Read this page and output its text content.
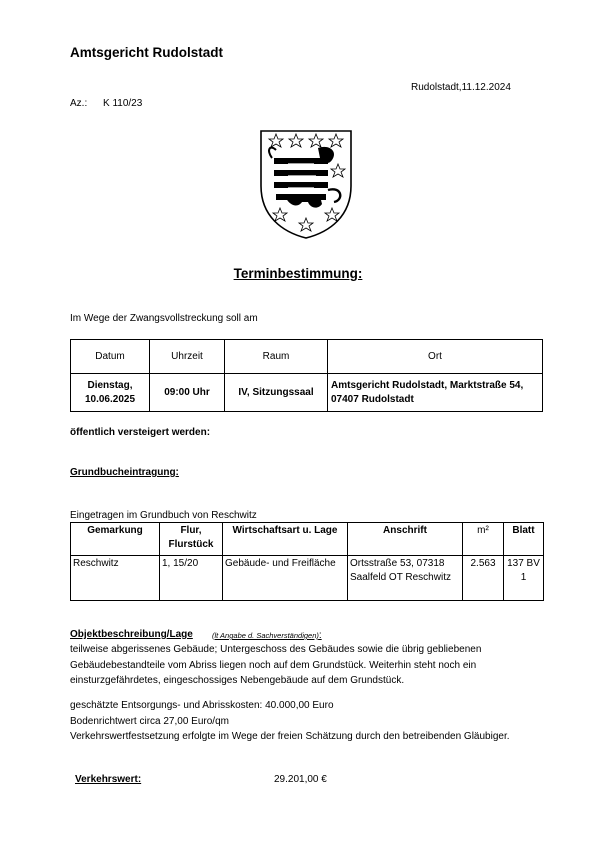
Amtsgericht Rudolstadt
Rudolstadt,11.12.2024
Az.: K 110/23
Terminbestimmung:
Im Wege der Zwangsvollstreckung soll am
Datum	Uhrzeit	Raum	Ort

Dienstag,
10.06.2025	09:00 Uhr	IV, Sitzungssaal	Amtsgericht Rudolstadt, Marktstraße 54, 07407 Rudolstadt
öffentlich versteigert werden:
Grundbucheintragung:
Eingetragen im Grundbuch von Reschwitz
Gemarkung	Flur, Flurstück	Wirtschaftsart u. Lage	Anschrift	m²	Blatt
Reschwitz	1, 15/20	Gebäude- und Freifläche	Ortsstraße 53, 07318 Saalfeld OT Reschwitz	2.563	137 BV 1
Objektbeschreibung/Lage	(lt Angabe d. Sachverständigen):
teilweise abgerissenes Gebäude; Untergeschoss des Gebäudes sowie die übrig gebliebenen Gebäudebestandteile vom Abriss liegen noch auf dem Grundstück. Weiterhin steht noch ein einsturzgefährdetes, eingeschossiges Nebengebäude auf dem Grundstück.
geschätzte Entsorgungs- und Abrisskosten: 40.000,00 Euro
Bodenrichtwert circa 27,00 Euro/qm
Verkehrswertfestsetzung erfolgte im Wege der freien Schätzung durch den betreibenden Gläubiger.
Verkehrswert:	29.201,00 €
